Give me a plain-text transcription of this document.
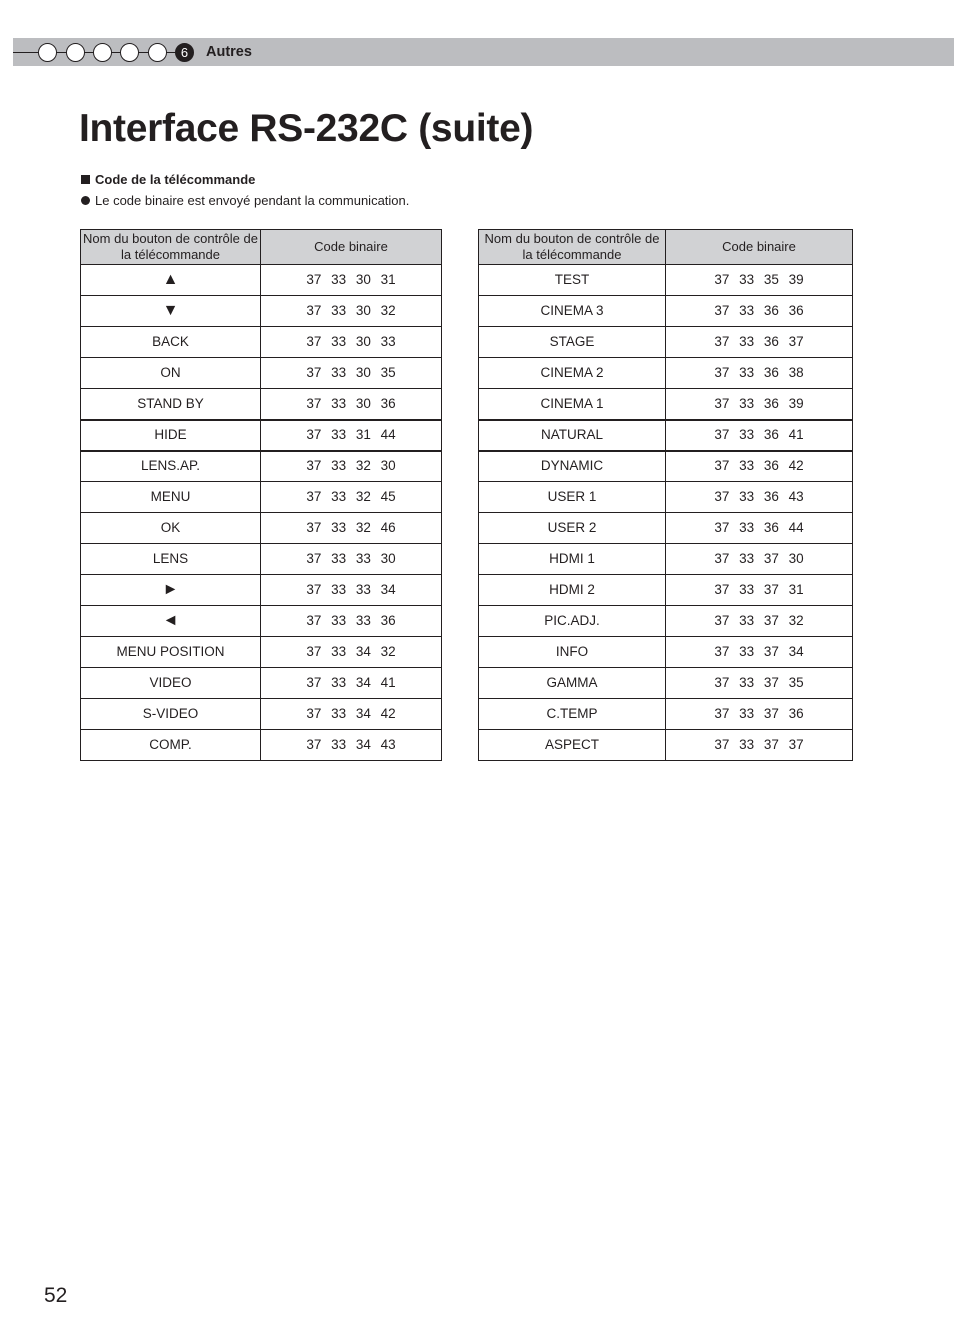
6	Autres
Interface RS-232C (suite)
Code de la télécommande
Le code binaire est envoyé pendant la communication.
Nom du bouton de contrôle de la télécommande	Code binaire
▲	37 33 30 31
▼	37 33 30 32
BACK	37 33 30 33
ON	37 33 30 35
STAND BY	37 33 30 36
HIDE	37 33 31 44
LENS.AP.	37 33 32 30
MENU	37 33 32 45
OK	37 33 32 46
LENS	37 33 33 30
►	37 33 33 34
◄	37 33 33 36
MENU POSITION	37 33 34 32
VIDEO	37 33 34 41
S-VIDEO	37 33 34 42
COMP.	37 33 34 43
Nom du bouton de contrôle de la télécommande	Code binaire
TEST	37 33 35 39
CINEMA 3	37 33 36 36
STAGE	37 33 36 37
CINEMA 2	37 33 36 38
CINEMA 1	37 33 36 39
NATURAL	37 33 36 41
DYNAMIC	37 33 36 42
USER 1	37 33 36 43
USER 2	37 33 36 44
HDMI 1	37 33 37 30
HDMI 2	37 33 37 31
PIC.ADJ.	37 33 37 32
INFO	37 33 37 34
GAMMA	37 33 37 35
C.TEMP	37 33 37 36
ASPECT	37 33 37 37
52
